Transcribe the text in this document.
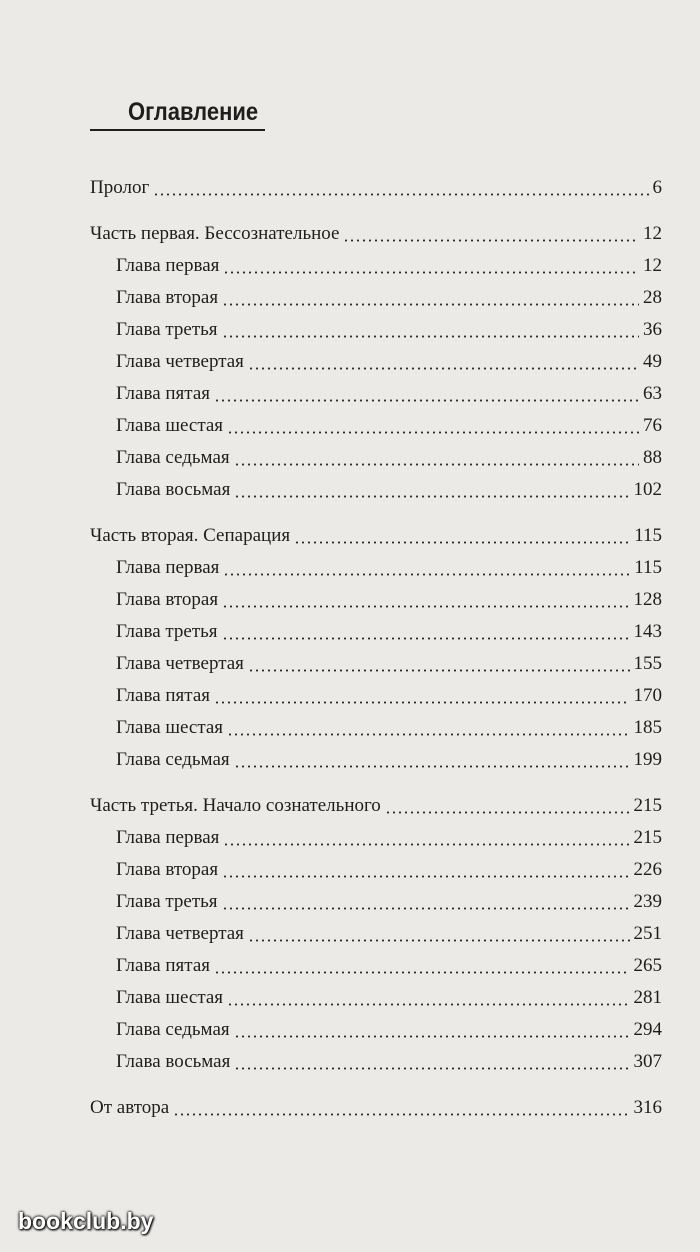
Оглавление
Пролог	6
Часть первая. Бессознательное	12
Глава первая	12
Глава вторая	28
Глава третья	36
Глава четвертая	49
Глава пятая	63
Глава шестая	76
Глава седьмая	88
Глава восьмая	102
Часть вторая. Сепарация	115
Глава первая	115
Глава вторая	128
Глава третья	143
Глава четвертая	155
Глава пятая	170
Глава шестая	185
Глава седьмая	199
Часть третья. Начало сознательного	215
Глава первая	215
Глава вторая	226
Глава третья	239
Глава четвертая	251
Глава пятая	265
Глава шестая	281
Глава седьмая	294
Глава восьмая	307
От автора	316
bookclub.by
